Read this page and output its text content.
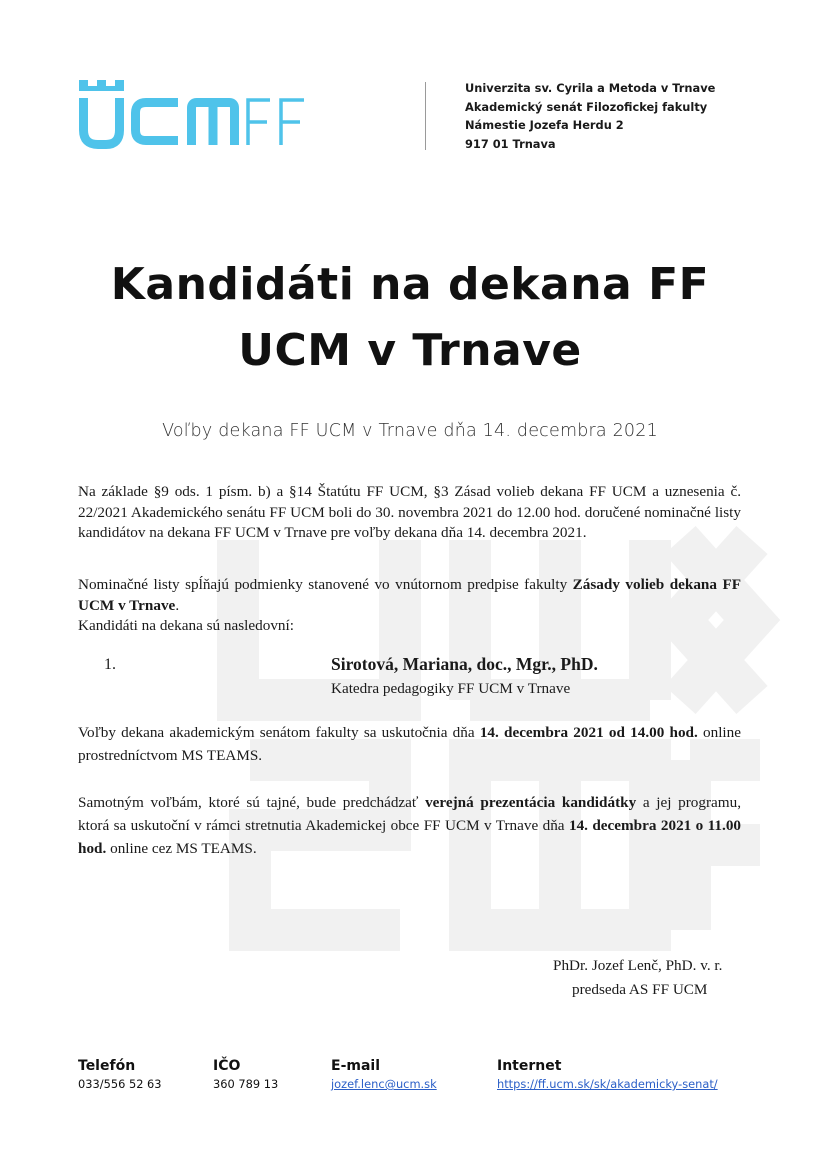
Univerzita sv. Cyrila a Metoda v Trnave
Akademický senát Filozofickej fakulty
Námestie Jozefa Herdu 2
917 01 Trnava
Kandidáti na dekana FF
UCM v Trnave
Voľby dekana FF UCM v Trnave dňa 14. decembra 2021
Na základe §9 ods. 1 písm. b) a §14 Štatútu FF UCM, §3 Zásad volieb dekana FF UCM a uznesenia č. 22/2021 Akademického senátu FF UCM boli do 30. novembra 2021 do 12.00 hod. doručené nominačné listy kandidátov na dekana FF UCM v Trnave pre voľby dekana dňa 14. decembra 2021.
Nominačné listy spĺňajú podmienky stanovené vo vnútornom predpise fakulty Zásady volieb dekana FF UCM v Trnave.
Kandidáti na dekana sú nasledovní:
1.	Sirotová, Mariana, doc., Mgr., PhD.
Katedra pedagogiky FF UCM v Trnave
Voľby dekana akademickým senátom fakulty sa uskutočnia dňa 14. decembra 2021 od 14.00 hod. online prostredníctvom MS TEAMS.
Samotným voľbám, ktoré sú tajné, bude predchádzať verejná prezentácia kandidátky a jej programu, ktorá sa uskutoční v rámci stretnutia Akademickej obce FF UCM v Trnave dňa 14. decembra 2021 o 11.00 hod. online cez MS TEAMS.
PhDr. Jozef Lenč, PhD. v. r.
predseda AS FF UCM
Telefón
033/556 52 63
IČO
360 789 13
E-mail
jozef.lenc@ucm.sk
Internet
https://ff.ucm.sk/sk/akademicky-senat/
